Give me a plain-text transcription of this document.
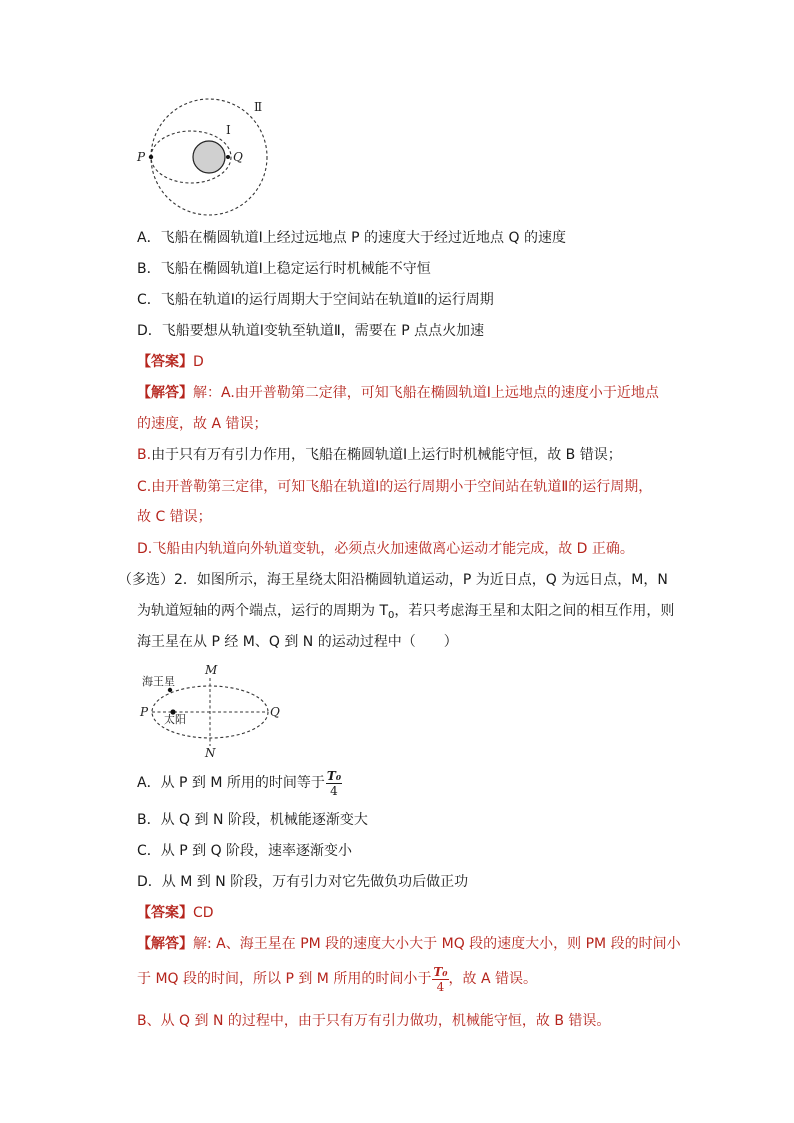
Ⅱ
Ⅰ
P	Q
A．飞船在椭圆轨道Ⅰ上经过远地点 P 的速度大于经过近地点 Q 的速度
B．飞船在椭圆轨道Ⅰ上稳定运行时机械能不守恒
C．飞船在轨道Ⅰ的运行周期大于空间站在轨道Ⅱ的运行周期
D．飞船要想从轨道Ⅰ变轨至轨道Ⅱ，需要在 P 点点火加速
【答案】D
【解答】解：A.由开普勒第二定律，可知飞船在椭圆轨道Ⅰ上远地点的速度小于近地点
的速度，故 A 错误；
B.由于只有万有引力作用，飞船在椭圆轨道Ⅰ上运行时机械能守恒，故 B 错误；
C.由开普勒第三定律，可知飞船在轨道Ⅰ的运行周期小于空间站在轨道Ⅱ的运行周期，
故 C 错误；
D.飞船由内轨道向外轨道变轨，必须点火加速做离心运动才能完成，故 D 正确。
（多选）2．如图所示，海王星绕太阳沿椭圆轨道运动，P 为近日点，Q 为远日点，M，N
为轨道短轴的两个端点，运行的周期为 $T_0$，若只考虑海王星和太阳之间的相互作用，则
海王星在从 P 经 M、Q 到 N 的运动过程中（　　）
海王星
太阳
M
N
P	Q
A．从 P 到 M 所用的时间等于 $\frac{\text{T₀}}{4}$
B．从 Q 到 N 阶段，机械能逐渐变大
C．从 P 到 Q 阶段，速率逐渐变小
D．从 M 到 N 阶段，万有引力对它先做负功后做正功
【答案】CD
【解答】解: A、海王星在 PM 段的速度大小大于 MQ 段的速度大小，则 PM 段的时间小
于 MQ 段的时间，所以 P 到 M 所用的时间小于 $\frac{\text{T₀}}{4}$ ，故 A 错误。
B、从 Q 到 N 的过程中，由于只有万有引力做功，机械能守恒，故 B 错误。
